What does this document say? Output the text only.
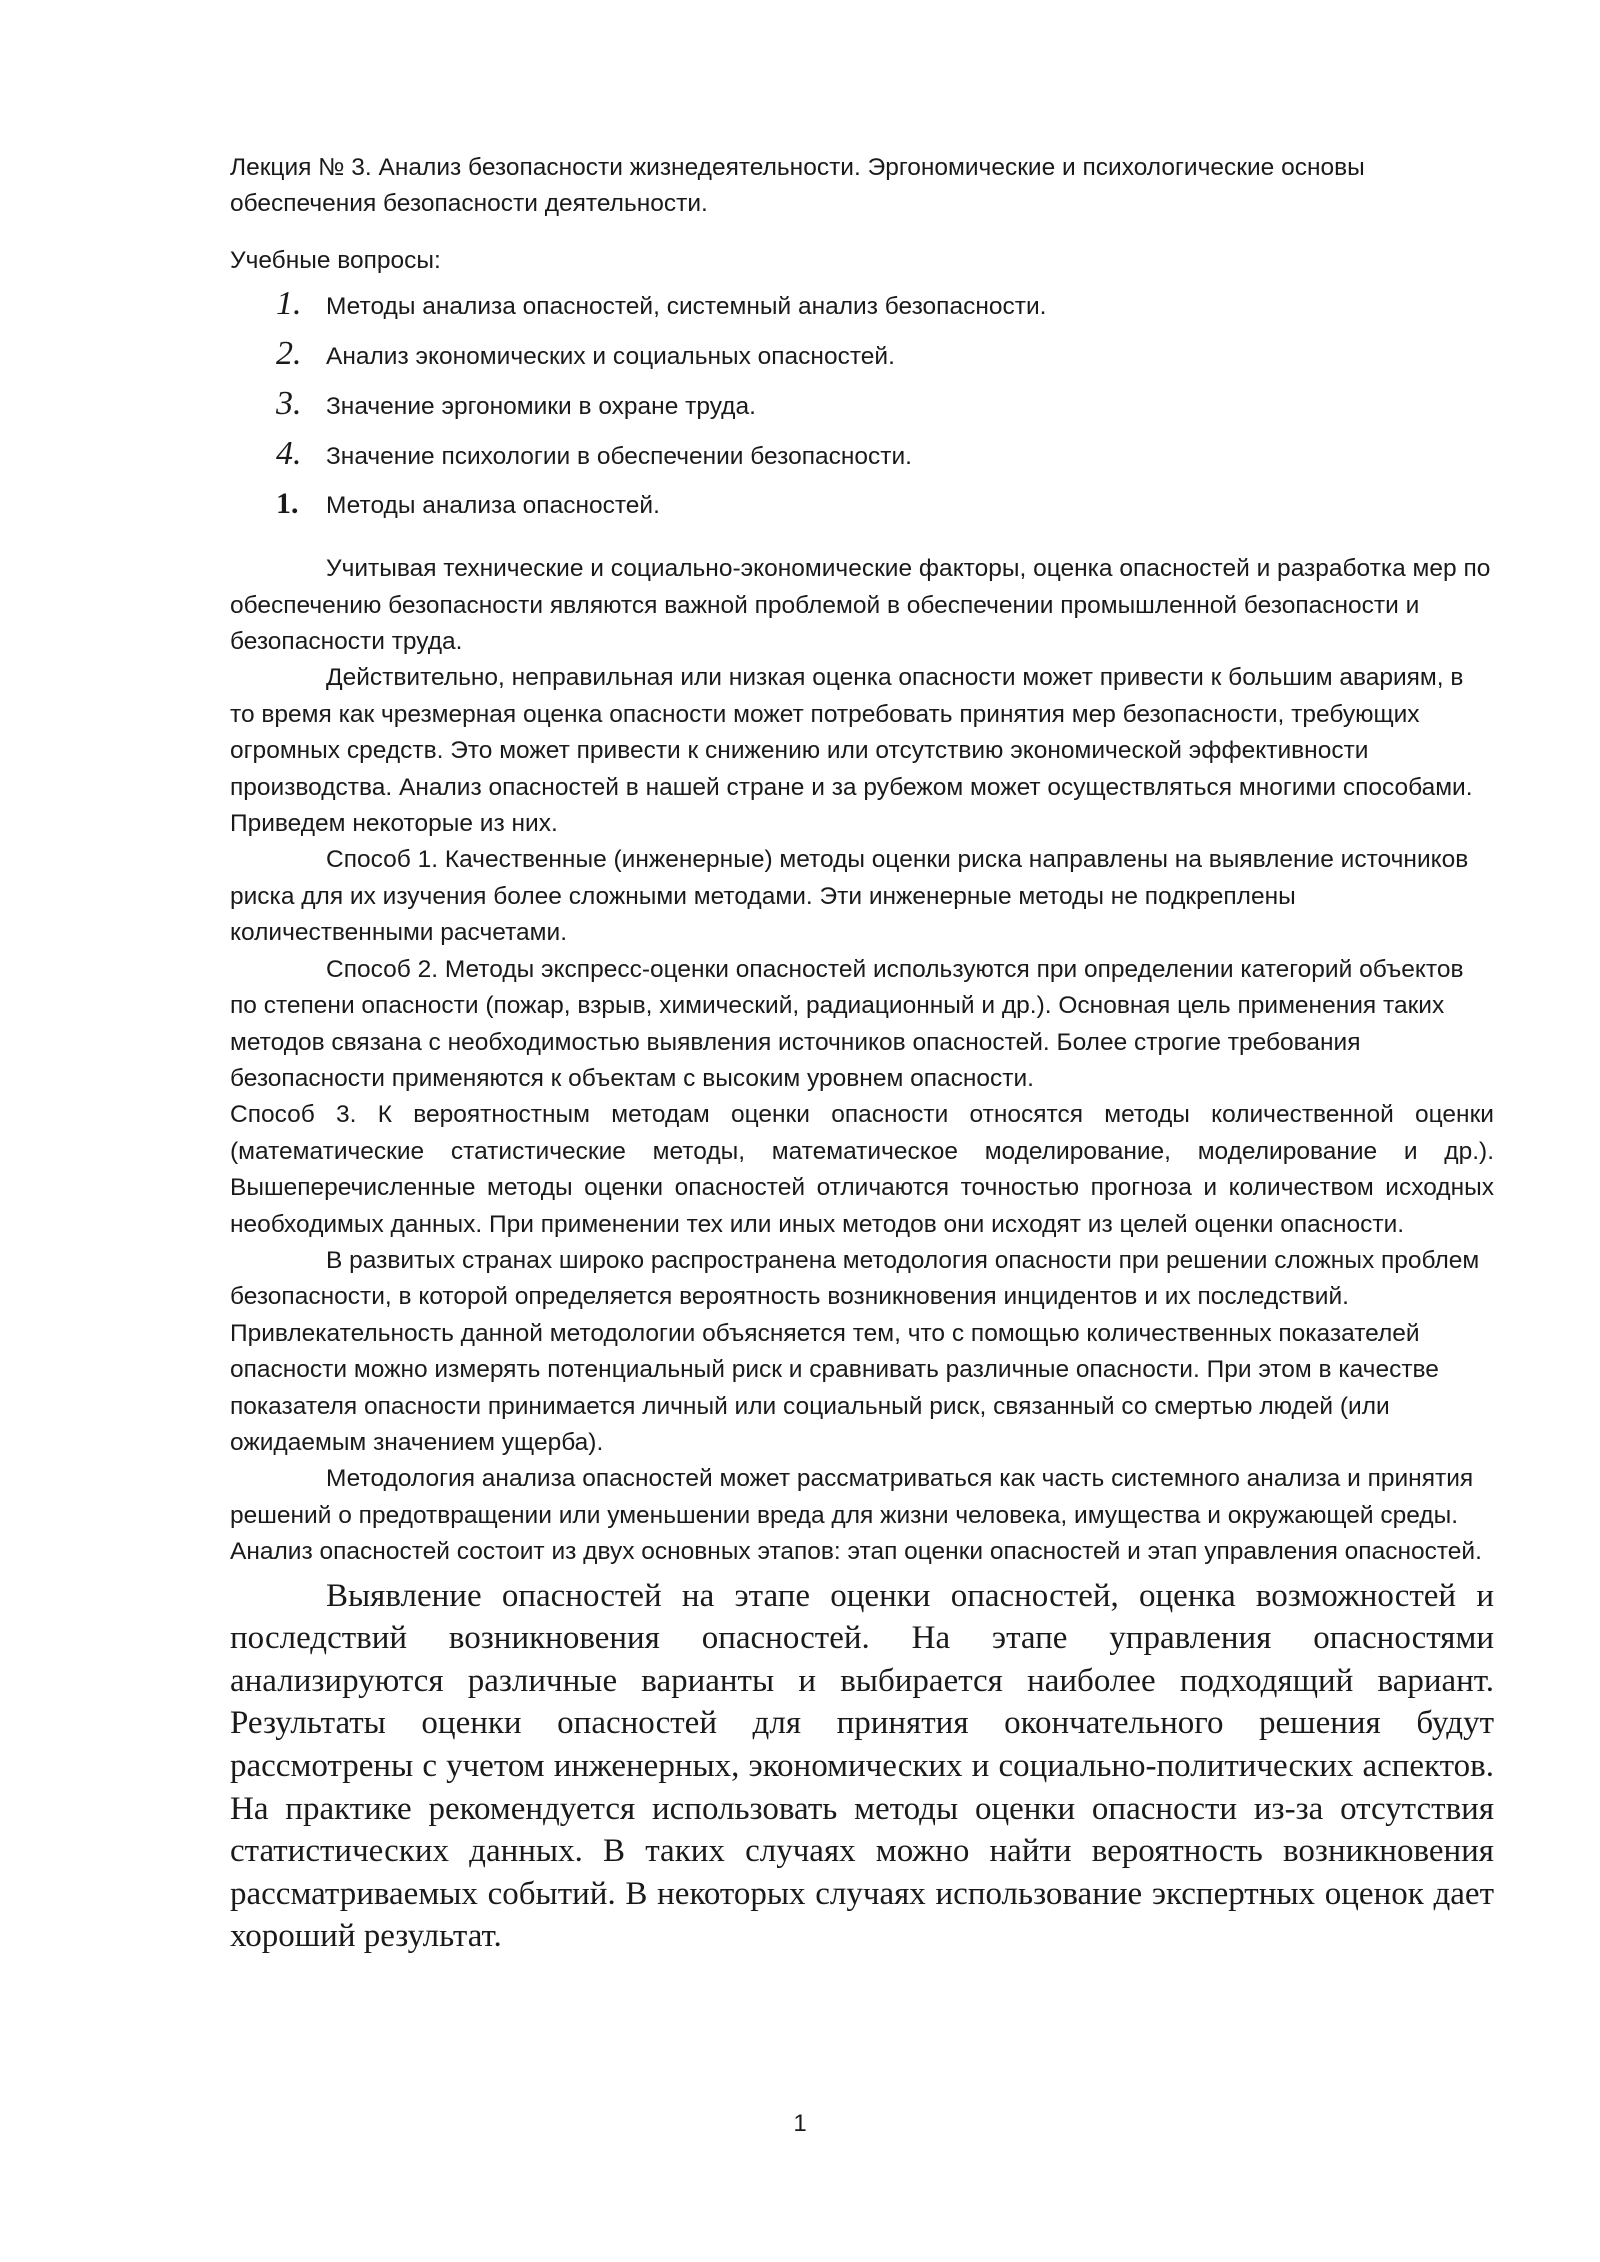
Лекция № 3. Анализ безопасности жизнедеятельности. Эргономические и психологические основы обеспечения безопасности деятельности.

Учебные вопросы:

1.	Методы анализа опасностей, системный анализ безопасности.
2.	Анализ экономических и социальных опасностей.
3.	Значение эргономики в охране труда.
4.	Значение психологии в обеспечении безопасности.
1.	Методы анализа опасностей.

Учитывая технические и социально-экономические факторы, оценка опасностей и разработка мер по обеспечению безопасности являются важной проблемой в обеспечении промышленной безопасности и безопасности труда.

Действительно, неправильная или низкая оценка опасности может привести к большим авариям, в то время как чрезмерная оценка опасности может потребовать принятия мер безопасности, требующих огромных средств. Это может привести к снижению или отсутствию экономической эффективности производства. Анализ опасностей в нашей стране и за рубежом может осуществляться многими способами. Приведем некоторые из них.

Способ 1. Качественные (инженерные) методы оценки риска направлены на выявление источников риска для их изучения более сложными методами. Эти инженерные методы не подкреплены количественными расчетами.

Способ 2. Методы экспресс-оценки опасностей используются при определении категорий объектов по степени опасности (пожар, взрыв, химический, радиационный и др.). Основная цель применения таких методов связана с необходимостью выявления источников опасностей. Более строгие требования безопасности применяются к объектам с высоким уровнем опасности.

Способ 3. К вероятностным методам оценки опасности относятся методы количественной оценки (математические статистические методы, математическое моделирование, моделирование и др.). Вышеперечисленные методы оценки опасностей отличаются точностью прогноза и количеством исходных необходимых данных. При применении тех или иных методов они исходят из целей оценки опасности.

В развитых странах широко распространена методология опасности при решении сложных проблем безопасности, в которой определяется вероятность возникновения инцидентов и их последствий. Привлекательность данной методологии объясняется тем, что с помощью количественных показателей опасности можно измерять потенциальный риск и сравнивать различные опасности. При этом в качестве показателя опасности принимается личный или социальный риск, связанный со смертью людей (или ожидаемым значением ущерба).

Методология анализа опасностей может рассматриваться как часть системного анализа и принятия решений о предотвращении или уменьшении вреда для жизни человека, имущества и окружающей среды. Анализ опасностей состоит из двух основных этапов: этап оценки опасностей и этап управления опасностей.

Выявление опасностей на этапе оценки опасностей, оценка возможностей и последствий возникновения опасностей. На этапе управления опасностями анализируются различные варианты и выбирается наиболее подходящий вариант. Результаты оценки опасностей для принятия окончательного решения будут рассмотрены с учетом инженерных, экономических и социально-политических аспектов. На практике рекомендуется использовать методы оценки опасности из-за отсутствия статистических данных. В таких случаях можно найти вероятность возникновения рассматриваемых событий. В некоторых случаях использование экспертных оценок дает хороший результат.

1
